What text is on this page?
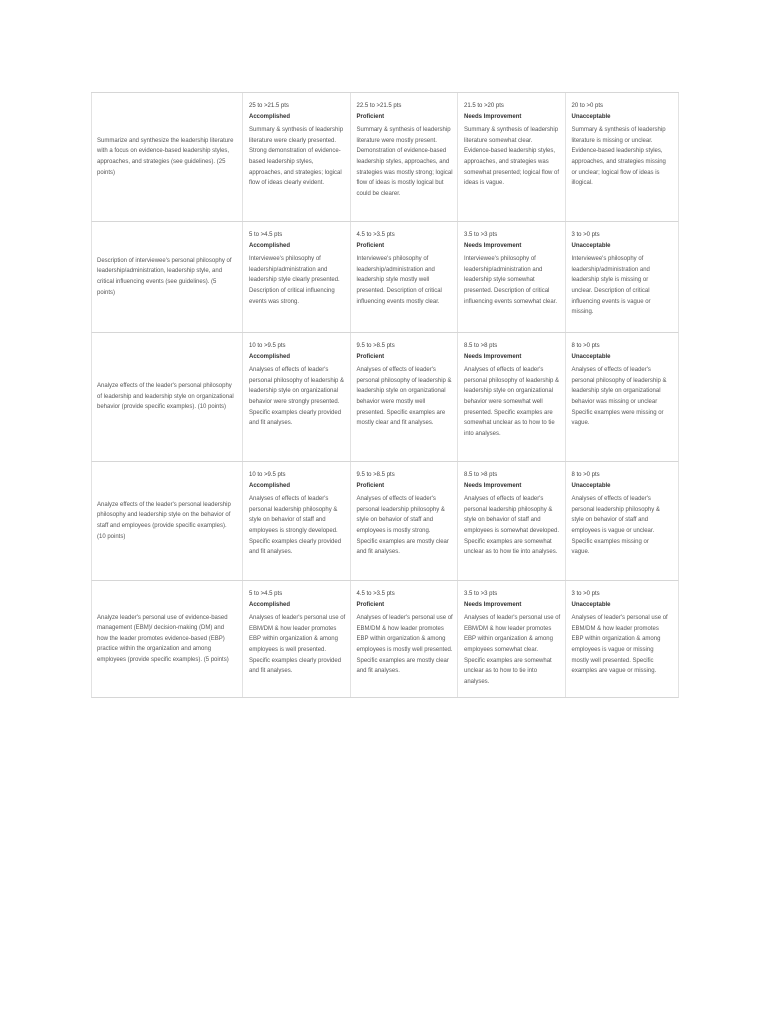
Summarize and synthesize the leadership literature with a focus on evidence-based leadership styles, approaches, and strategies (see guidelines). (25 points)
25 to >21.5 pts
Accomplished
Summary & synthesis of leadership literature were clearly presented. Strong demonstration of evidence-based leadership styles, approaches, and strategies; logical flow of ideas clearly evident.
22.5 to >21.5 pts
Proficient
Summary & synthesis of leadership literature were mostly present. Demonstration of evidence-based leadership styles, approaches, and strategies was mostly strong; logical flow of ideas is mostly logical but could be clearer.
21.5 to >20 pts
Needs Improvement
Summary & synthesis of leadership literature somewhat clear. Evidence-based leadership styles, approaches, and strategies was somewhat presented; logical flow of ideas is vague.
20 to >0 pts
Unacceptable
Summary & synthesis of leadership literature is missing or unclear. Evidence-based leadership styles, approaches, and strategies missing or unclear; logical flow of ideas is illogical.
Description of interviewee's personal philosophy of leadership/administration, leadership style, and critical influencing events (see guidelines). (5 points)
5 to >4.5 pts
Accomplished
Interviewee's philosophy of leadership/administration and leadership style clearly presented. Description of critical influencing events was strong.
4.5 to >3.5 pts
Proficient
Interviewee's philosophy of leadership/administration and leadership style mostly well presented. Description of critical influencing events mostly clear.
3.5 to >3 pts
Needs Improvement
Interviewee's philosophy of leadership/administration and leadership style somewhat presented. Description of critical influencing events somewhat clear.
3 to >0 pts
Unacceptable
Interviewee's philosophy of leadership/administration and leadership style is missing or unclear. Description of critical influencing events is vague or missing.
Analyze effects of the leader's personal philosophy of leadership and leadership style on organizational behavior (provide specific examples). (10 points)
10 to >9.5 pts
Accomplished
Analyses of effects of leader's personal philosophy of leadership & leadership style on organizational behavior were strongly presented. Specific examples clearly provided and fit analyses.
9.5 to >8.5 pts
Proficient
Analyses of effects of leader's personal philosophy of leadership & leadership style on organizational behavior were mostly well presented. Specific examples are mostly clear and fit analyses.
8.5 to >8 pts
Needs Improvement
Analyses of effects of leader's personal philosophy of leadership & leadership style on organizational behavior were somewhat well presented. Specific examples are somewhat unclear as to how to tie into analyses.
8 to >0 pts
Unacceptable
Analyses of effects of leader's personal philosophy of leadership & leadership style on organizational behavior was missing or unclear Specific examples were missing or vague.
Analyze effects of the leader's personal leadership philosophy and leadership style on the behavior of staff and employees (provide specific examples). (10 points)
10 to >9.5 pts
Accomplished
Analyses of effects of leader's personal leadership philosophy & style on behavior of staff and employees is strongly developed. Specific examples clearly provided and fit analyses.
9.5 to >8.5 pts
Proficient
Analyses of effects of leader's personal leadership philosophy & style on behavior of staff and employees is mostly strong. Specific examples are mostly clear and fit analyses.
8.5 to >8 pts
Needs Improvement
Analyses of effects of leader's personal leadership philosophy & style on behavior of staff and employees is somewhat developed. Specific examples are somewhat unclear as to how tie into analyses.
8 to >0 pts
Unacceptable
Analyses of effects of leader's personal leadership philosophy & style on behavior of staff and employees is vague or unclear. Specific examples missing or vague.
Analyze leader's personal use of evidence-based management (EBM)/ decision-making (DM) and how the leader promotes evidence-based (EBP) practice within the organization and among employees (provide specific examples). (5 points)
5 to >4.5 pts
Accomplished
Analyses of leader's personal use of EBM/DM & how leader promotes EBP within organization & among employees is well presented. Specific examples clearly provided and fit analyses.
4.5 to >3.5 pts
Proficient
Analyses of leader's personal use of EBM/DM & how leader promotes EBP within organization & among employees is mostly well presented. Specific examples are mostly clear and fit analyses.
3.5 to >3 pts
Needs Improvement
Analyses of leader's personal use of EBM/DM & how leader promotes EBP within organization & among employees somewhat clear. Specific examples are somewhat unclear as to how to tie into analyses.
3 to >0 pts
Unacceptable
Analyses of leader's personal use of EBM/DM & how leader promotes EBP within organization & among employees is vague or missing mostly well presented. Specific examples are vague or missing.
